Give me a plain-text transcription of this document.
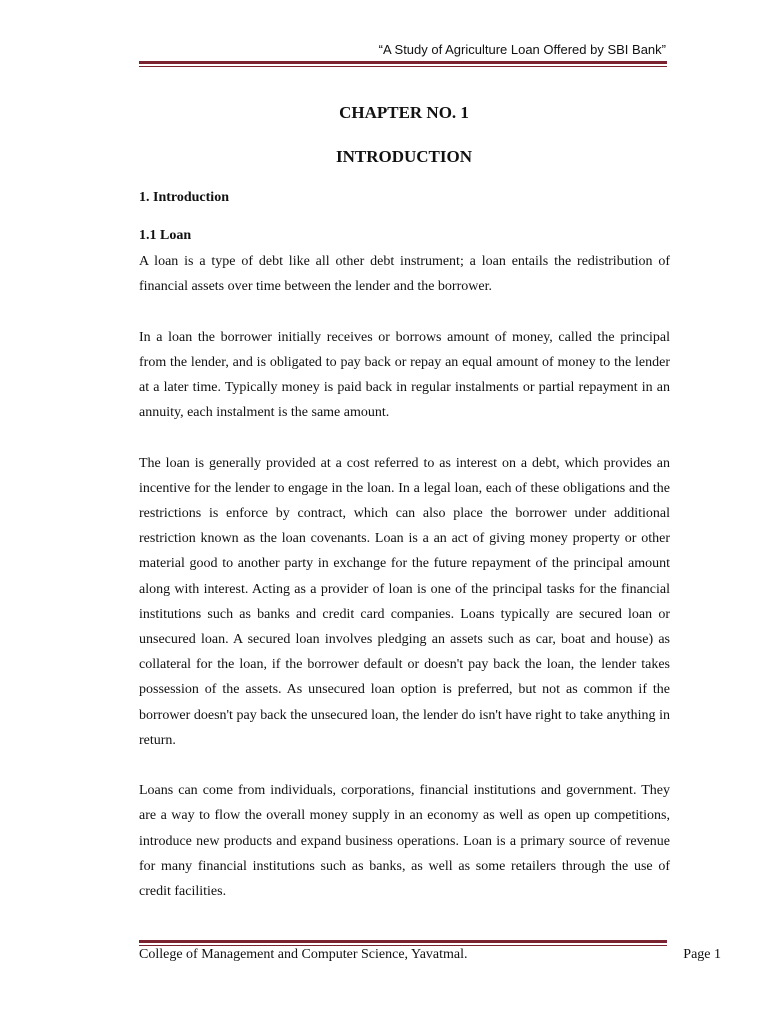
“A Study of Agriculture Loan Offered by SBI Bank”
CHAPTER NO. 1
INTRODUCTION
1. Introduction
1.1 Loan

A loan is a type of debt like all other debt instrument; a loan entails the redistribution of financial assets over time between the lender and the borrower.

In a loan the borrower initially receives or borrows amount of money, called the principal from the lender, and is obligated to pay back or repay an equal amount of money to the lender at a later time. Typically money is paid back in regular instalments or partial repayment in an annuity, each instalment is the same amount.

The loan is generally provided at a cost referred to as interest on a debt, which provides an incentive for the lender to engage in the loan. In a legal loan, each of these obligations and the restrictions is enforce by contract, which can also place the borrower under additional restriction known as the loan covenants. Loan is a an act of giving money property or other material good to another party in exchange for the future repayment of the principal amount along with interest. Acting as a provider of loan is one of the principal tasks for the financial institutions such as banks and credit card companies. Loans typically are secured loan or unsecured loan. A secured loan involves pledging an assets such as car, boat and house) as collateral for the loan, if the borrower default or doesn't pay back the loan, the lender takes possession of the assets. As unsecured loan option is preferred, but not as common if the borrower doesn't pay back the unsecured loan, the lender do isn't have right to take anything in return.

Loans can come from individuals, corporations, financial institutions and government. They are a way to flow the overall money supply in an economy as well as open up competitions, introduce new products and expand business operations. Loan is a primary source of revenue for many financial institutions such as banks, as well as some retailers through the use of credit facilities.

College of Management and Computer Science, Yavatmal.	Page 1
